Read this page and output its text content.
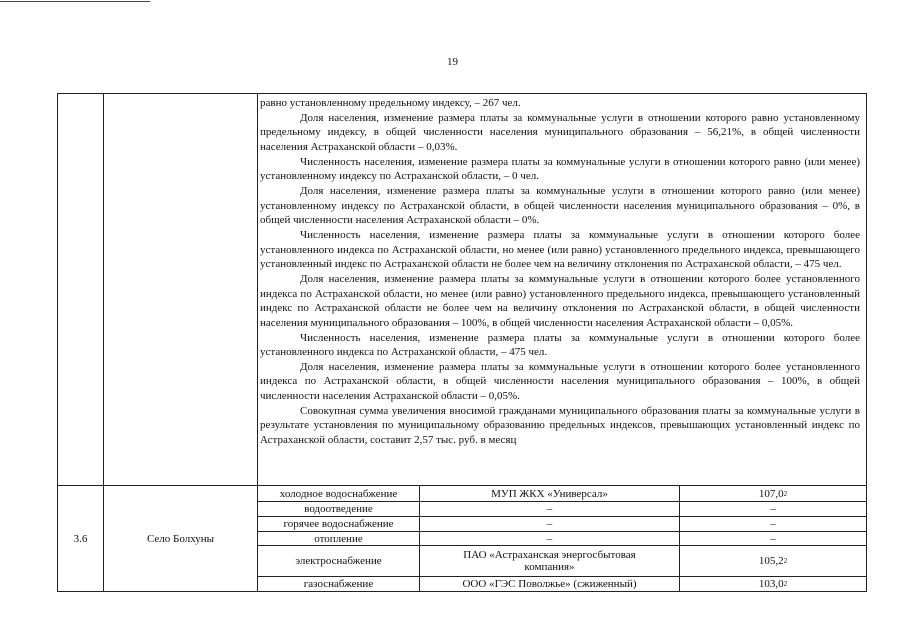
19

равно установленному предельному индексу, – 267 чел.

Доля населения, изменение размера платы за коммунальные услуги в отношении которого равно установленному предельному индексу, в общей численности населения муниципального образования – 56,21%, в общей численности населения Астраханской области – 0,03%.

Численность населения, изменение размера платы за коммунальные услуги в отношении которого равно (или менее) установленному индексу по Астраханской области, – 0 чел.

Доля населения, изменение размера платы за коммунальные услуги в отношении которого равно (или менее) установленному индексу по Астраханской области, в общей численности населения муниципального образования – 0%, в общей численности населения Астраханской области – 0%.

Численность населения, изменение размера платы за коммунальные услуги в отношении которого более установленного индекса по Астраханской области, но менее (или равно) установленного предельного индекса, превышающего установленный индекс по Астраханской области не более чем на величину отклонения по Астраханской области, – 475 чел.

Доля населения, изменение размера платы за коммунальные услуги в отношении которого более установленного индекса по Астраханской области, но менее (или равно) установленного предельного индекса, превышающего установленный индекс по Астраханской области не более чем на величину отклонения по Астраханской области, в общей численности населения муниципального образования – 100%, в общей численности населения Астраханской области – 0,05%.

Численность населения, изменение размера платы за коммунальные услуги в отношении которого более установленного индекса по Астраханской области, – 475 чел.

Доля населения, изменение размера платы за коммунальные услуги в отношении которого более установленного индекса по Астраханской области, в общей численности населения муниципального образования – 100%, в общей численности населения Астраханской области – 0,05%.

Совокупная сумма увеличения вносимой гражданами муниципального образования платы за коммунальные услуги в результате установления по муниципальному образованию предельных индексов, превышающих установленный индекс по Астраханской области, составит 2,57 тыс. руб. в месяц

3.6	Село Болхуны
холодное водоснабжение	МУП ЖКХ «Универсал»	107,0 2
водоотведение	–	–
горячее водоснабжение	–	–
отопление	–	–
электроснабжение	ПАО «Астраханская энергосбытовая компания»	105,2 2
газоснабжение	ООО «ГЭС Поволжье» (сжиженный)	103,0 2
